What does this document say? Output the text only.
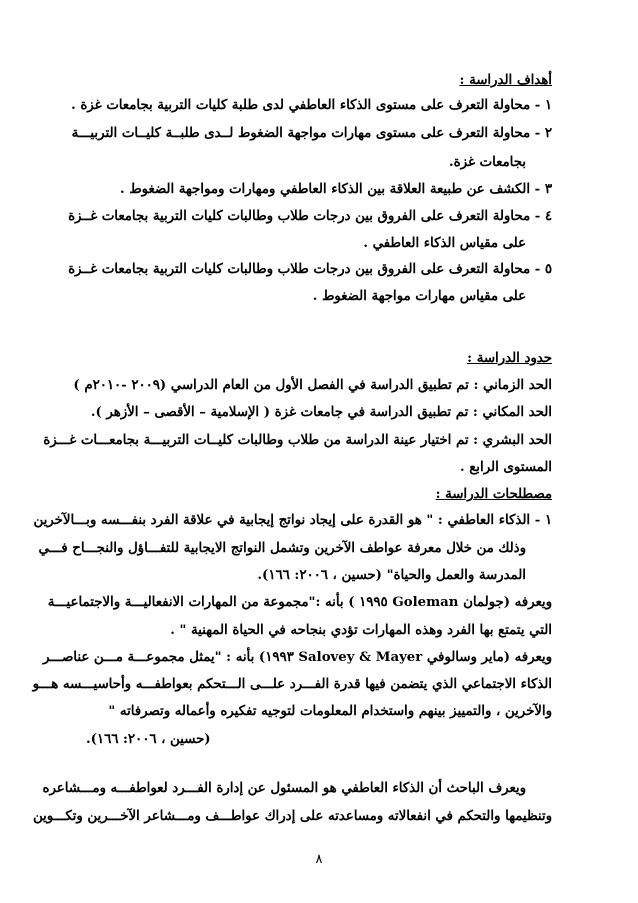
أهداف الدراسة :
١ - محاولة التعرف على مستوى الذكاء العاطفي لدى طلبة كليات التربية بجامعات غزة .
٢ - محاولة التعرف على مستوى مهارات مواجهة الضغوط لــدى طلبــة كليــات التربيـــة
بجامعات غزة.
٣ - الكشف عن طبيعة العلاقة بين الذكاء العاطفي ومهارات ومواجهة الضغوط .
٤ - محاولة التعرف على الفروق بين درجات طلاب وطالبات كليات التربية بجامعات غــزة
على مقياس الذكاء العاطفي .
٥ - محاولة التعرف على الفروق بين درجات طلاب وطالبات كليات التربية بجامعات غــزة
على مقياس مهارات مواجهة الضغوط .
حدود الدراسة :
الحد الزماني : تم تطبيق الدراسة في الفصل الأول من العام الدراسي (٢٠٠٩ -٢٠١٠م )
الحد المكاني : تم تطبيق الدراسة في جامعات غزة ( الإسلامية – الأقصى – الأزهر ).
الحد البشري : تم اختيار عينة الدراسة من طلاب وطالبات كليــات التربيـــة بجامعـــات غـــزة
المستوى الرابع .
مصطلحات الدراسة :
١ - الذكاء العاطفي : " هو القدرة على إيجاد نواتج إيجابية في علاقة الفرد بنفـــسه وبـــالآخرين
وذلك من خلال معرفة عواطف الآخرين وتشمل النواتج الايجابية للتفـــاؤل والنجـــاح فـــي
المدرسة والعمل والحياة" (حسين ، ٢٠٠٦: ١٦٦).
ويعرفه (جولمان Goleman ١٩٩٥ ) بأنه :"مجموعة من المهارات الانفعاليـــة والاجتماعيـــة
التي يتمتع بها الفرد وهذه المهارات تؤدي بنجاحه في الحياة المهنية " .
ويعرفه (ماير وسالوفي Salovey & Mayer ١٩٩٣) بأنه : "يمثل مجموعـــة مـــن عناصـــر
الذكاء الاجتماعي الذي يتضمن فيها قدرة الفـــرد علـــى الـــتحكم بعواطفـــه وأحاسيـــسه هـــو
والآخرين ، والتمييز بينهم واستخدام المعلومات لتوجيه تفكيره وأعماله وتصرفاته "
(حسين ، ٢٠٠٦: ١٦٦).
ويعرف الباحث أن الذكاء العاطفي هو المسئول عن إدارة الفـــرد لعواطفـــه ومـــشاعره
وتنظيمها والتحكم في انفعالاته ومساعدته على إدراك عواطـــف ومـــشاعر الآخـــرين وتكـــوين
٨
